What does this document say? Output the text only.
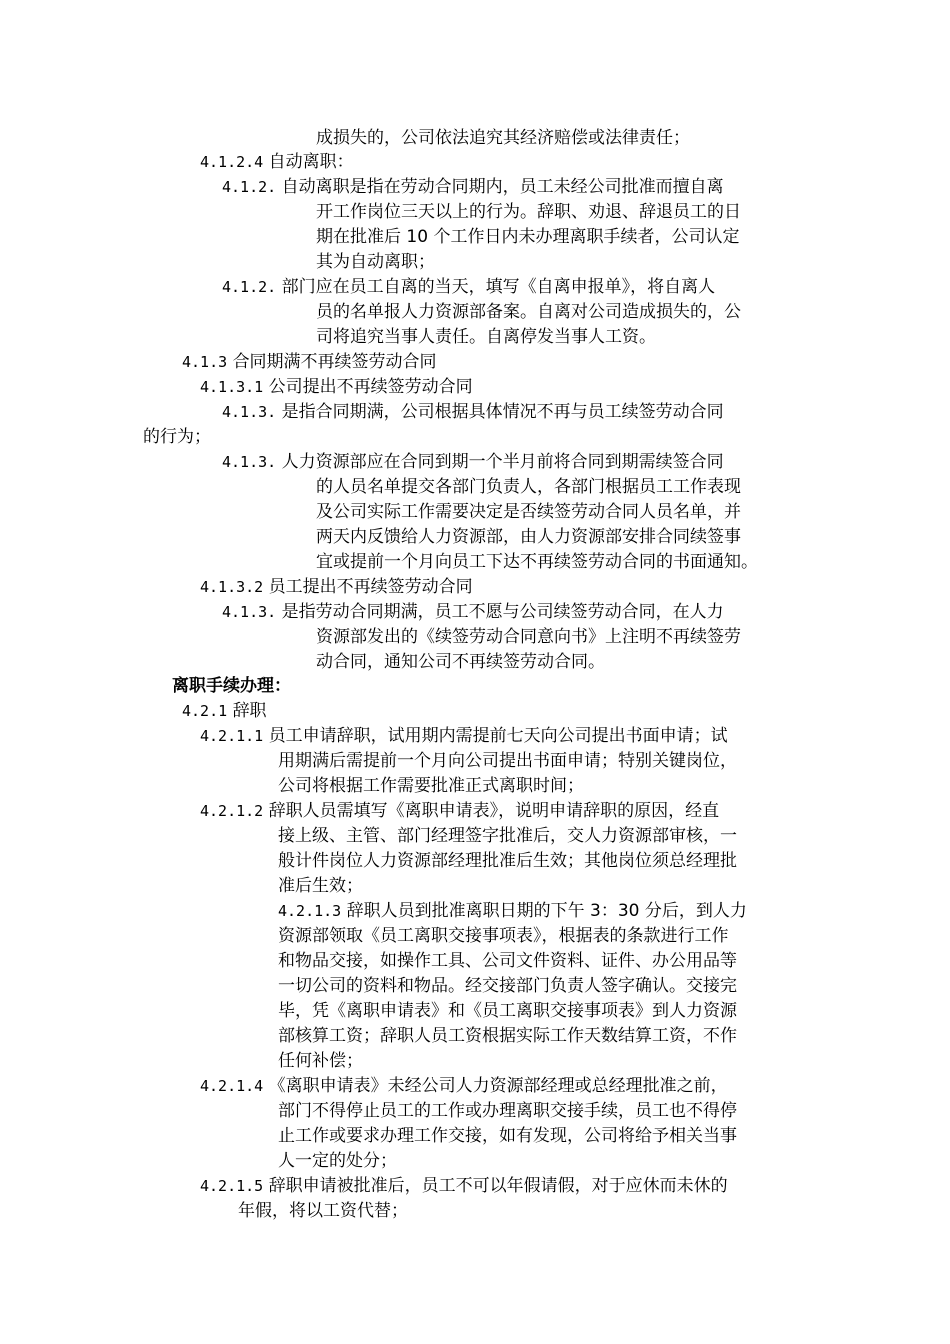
成损失的，公司依法追究其经济赔偿或法律责任；
4.1.2.4 自动离职：
4.1.2. 自动离职是指在劳动合同期内，员工未经公司批准而擅自离
开工作岗位三天以上的行为。辞职、劝退、辞退员工的日
期在批准后 10 个工作日内未办理离职手续者，公司认定
其为自动离职；
4.1.2. 部门应在员工自离的当天，填写《自离申报单》，将自离人
员的名单报人力资源部备案。自离对公司造成损失的，公
司将追究当事人责任。自离停发当事人工资。
4.1.3 合同期满不再续签劳动合同
4.1.3.1 公司提出不再续签劳动合同
4.1.3. 是指合同期满，公司根据具体情况不再与员工续签劳动合同
的行为；
4.1.3. 人力资源部应在合同到期一个半月前将合同到期需续签合同
的人员名单提交各部门负责人，各部门根据员工工作表现
及公司实际工作需要决定是否续签劳动合同人员名单，并
两天内反馈给人力资源部，由人力资源部安排合同续签事
宜或提前一个月向员工下达不再续签劳动合同的书面通知。
4.1.3.2 员工提出不再续签劳动合同
4.1.3. 是指劳动合同期满，员工不愿与公司续签劳动合同，在人力
资源部发出的《续签劳动合同意向书》上注明不再续签劳
动合同，通知公司不再续签劳动合同。
离职手续办理：
4.2.1 辞职
4.2.1.1 员工申请辞职，试用期内需提前七天向公司提出书面申请；试
用期满后需提前一个月向公司提出书面申请；特别关键岗位，
公司将根据工作需要批准正式离职时间；
4.2.1.2 辞职人员需填写《离职申请表》，说明申请辞职的原因，经直
接上级、主管、部门经理签字批准后，交人力资源部审核，一
般计件岗位人力资源部经理批准后生效；其他岗位须总经理批
准后生效；
4.2.1.3 辞职人员到批准离职日期的下午 3：30 分后，到人力
资源部领取《员工离职交接事项表》，根据表的条款进行工作
和物品交接，如操作工具、公司文件资料、证件、办公用品等
一切公司的资料和物品。经交接部门负责人签字确认。交接完
毕，凭《离职申请表》和《员工离职交接事项表》到人力资源
部核算工资；辞职人员工资根据实际工作天数结算工资，不作
任何补偿；
4.2.1.4 《离职申请表》未经公司人力资源部经理或总经理批准之前，
部门不得停止员工的工作或办理离职交接手续，员工也不得停
止工作或要求办理工作交接，如有发现，公司将给予相关当事
人一定的处分；
4.2.1.5 辞职申请被批准后，员工不可以年假请假，对于应休而未休的
年假，将以工资代替；
